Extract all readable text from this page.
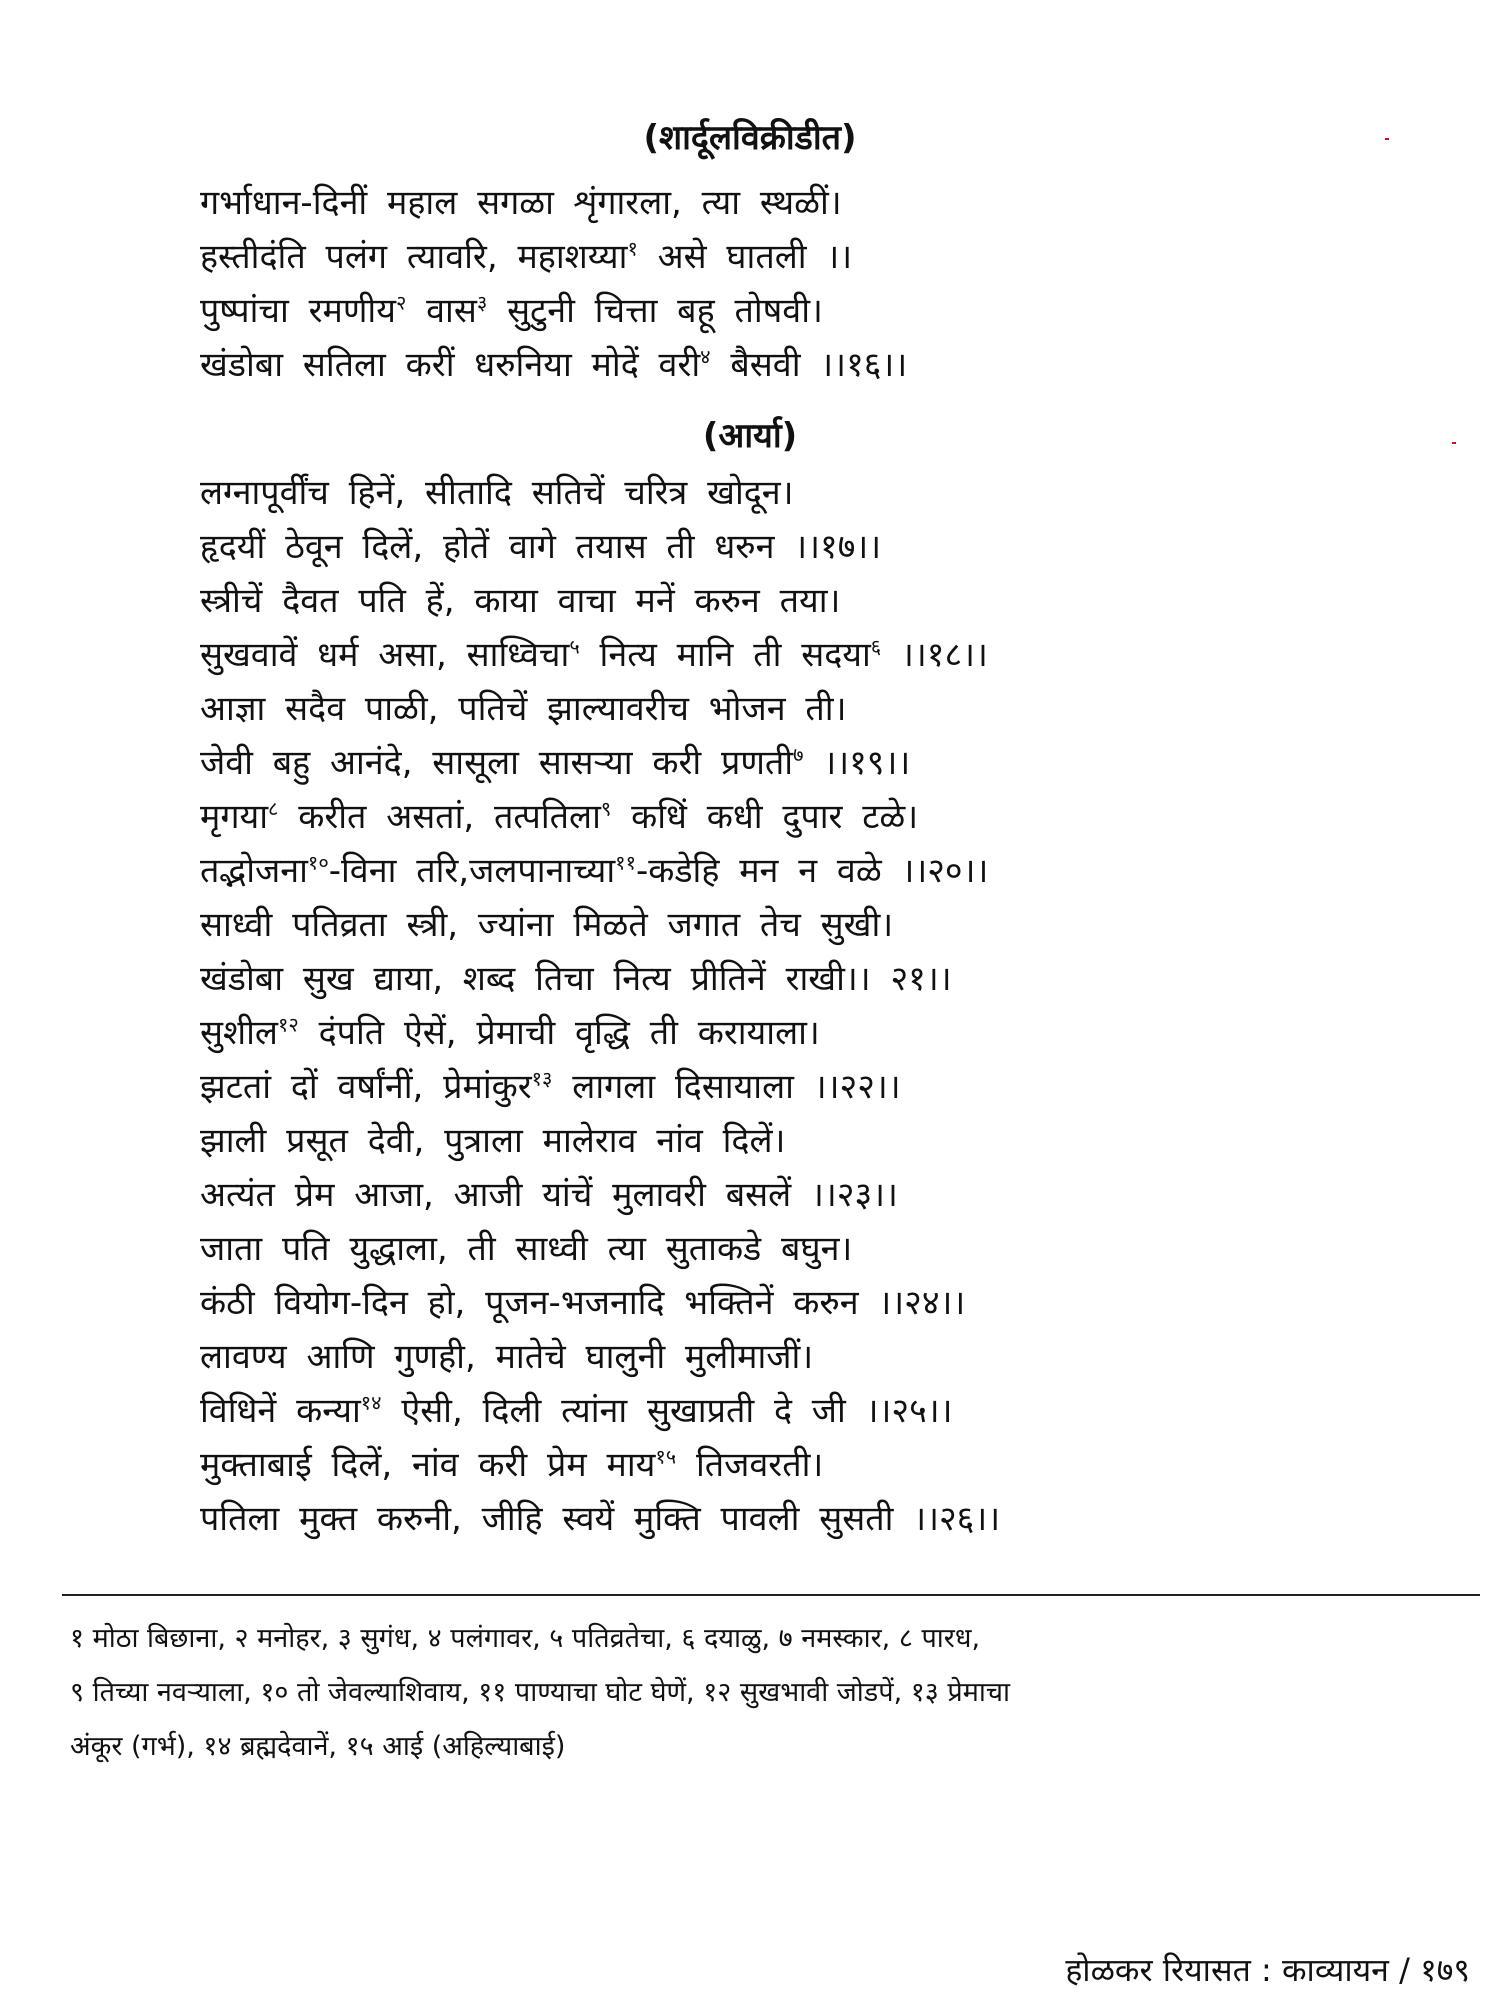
(शार्दूलविक्रीडीत)
गर्भाधान-दिनीं महाल सगळा शृंगारला, त्या स्थळीं।
हस्तीदंति पलंग त्यावरि, महाशय्या$^१$ असे घातली ।।
पुष्पांचा रमणीय$^२$ वास$^३$ सुटुनी चित्ता बहू तोषवी।
खंडोबा सतिला करीं धरुनिया मोदें वरी$^४$ बैसवी ।।१६।।
(आर्या)
लग्नापूर्वींच हिनें, सीतादि सतिचें चरित्र खोदून।
हृदयीं ठेवून दिलें, होतें वागे तयास ती धरुन ।।१७।।
स्त्रीचें दैवत पति हें, काया वाचा मनें करुन तया।
सुखवावें धर्म असा, साध्विचा$^५$ नित्य मानि ती सदया$^६$ ।।१८।।
आज्ञा सदैव पाळी, पतिचें झाल्यावरीच भोजन ती।
जेवी बहु आनंदे, सासूला सासऱ्या करी प्रणती$^७$ ।।१९।।
मृगया$^८$ करीत असतां, तत्पतिला$^९$ कधिं कधी दुपार टळे।
तद्भोजना$^{१०}$-विना तरि,जलपानाच्या$^{११}$-कडेहि मन न वळे ।।२०।।
साध्वी पतिव्रता स्त्री, ज्यांना मिळते जगात तेच सुखी।
खंडोबा सुख द्याया, शब्द तिचा नित्य प्रीतिनें राखी।। २१।।
सुशील$^{१२}$ दंपति ऐसें, प्रेमाची वृद्धि ती करायाला।
झटतां दों वर्षांनीं, प्रेमांकुर$^{१३}$ लागला दिसायाला ।।२२।।
झाली प्रसूत देवी, पुत्राला मालेराव नांव दिलें।
अत्यंत प्रेम आजा, आजी यांचें मुलावरी बसलें ।।२३।।
जाता पति युद्धाला, ती साध्वी त्या सुताकडे बघुन।
कंठी वियोग-दिन हो, पूजन-भजनादि भक्तिनें करुन ।।२४।।
लावण्य आणि गुणही, मातेचे घालुनी मुलीमाजीं।
विधिनें कन्या$^{१४}$ ऐसी, दिली त्यांना सुखाप्रती दे जी ।।२५।।
मुक्ताबाई दिलें, नांव करी प्रेम माय$^{१५}$ तिजवरती।
पतिला मुक्त करुनी, जीहि स्वयें मुक्ति पावली सुसती ।।२६।।

१ मोठा बिछाना, २ मनोहर, ३ सुगंध, ४ पलंगावर, ५ पतिव्रतेचा, ६ दयाळु, ७ नमस्कार, ८ पारध,

९ तिच्या नवऱ्याला, १० तो जेवल्याशिवाय, ११ पाण्याचा घोट घेणें, १२ सुखभावी जोडपें, १३ प्रेमाचा

अंकूर (गर्भ), १४ ब्रह्मदेवानें, १५ आई (अहिल्याबाई)

होळकर रियासत : काव्यायन / १७९
